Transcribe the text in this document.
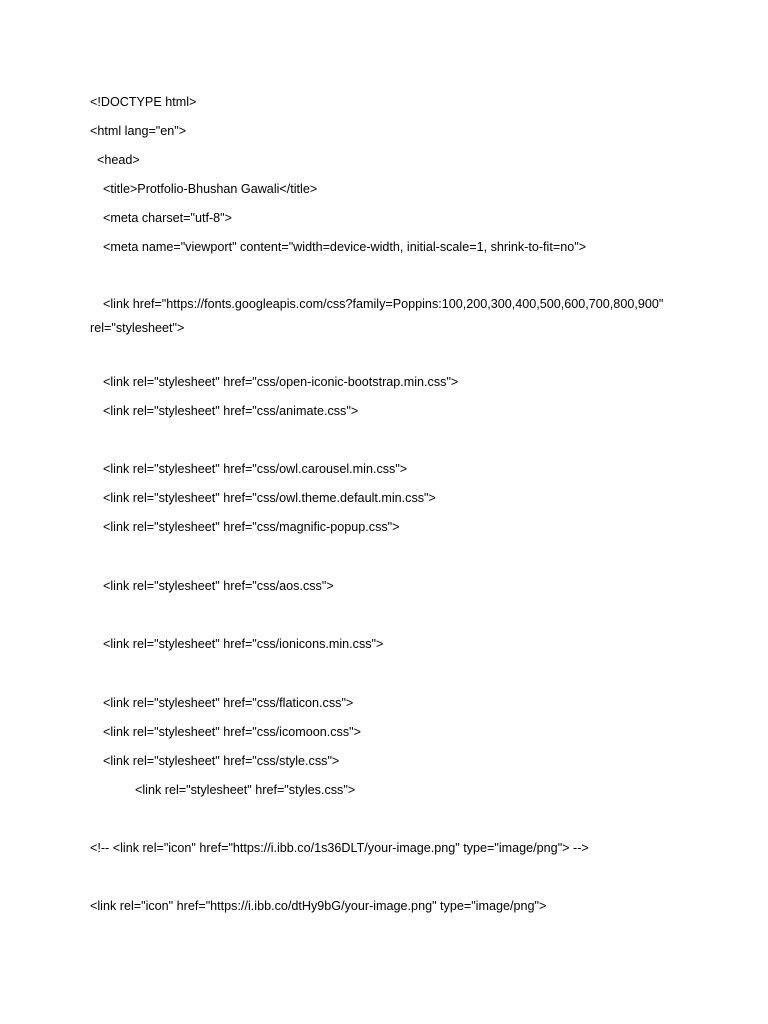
<!DOCTYPE html>
<html lang="en">
<head>
<title>Protfolio-Bhushan Gawali</title>
<meta charset="utf-8">
<meta name="viewport" content="width=device-width, initial-scale=1, shrink-to-fit=no">
<link href="https://fonts.googleapis.com/css?family=Poppins:100,200,300,400,500,600,700,800,900" rel="stylesheet">
<link rel="stylesheet" href="css/open-iconic-bootstrap.min.css">
<link rel="stylesheet" href="css/animate.css">
<link rel="stylesheet" href="css/owl.carousel.min.css">
<link rel="stylesheet" href="css/owl.theme.default.min.css">
<link rel="stylesheet" href="css/magnific-popup.css">
<link rel="stylesheet" href="css/aos.css">
<link rel="stylesheet" href="css/ionicons.min.css">
<link rel="stylesheet" href="css/flaticon.css">
<link rel="stylesheet" href="css/icomoon.css">
<link rel="stylesheet" href="css/style.css">
<link rel="stylesheet" href="styles.css">
<!-- <link rel="icon" href="https://i.ibb.co/1s36DLT/your-image.png" type="image/png"> -->
<link rel="icon" href="https://i.ibb.co/dtHy9bG/your-image.png" type="image/png">
